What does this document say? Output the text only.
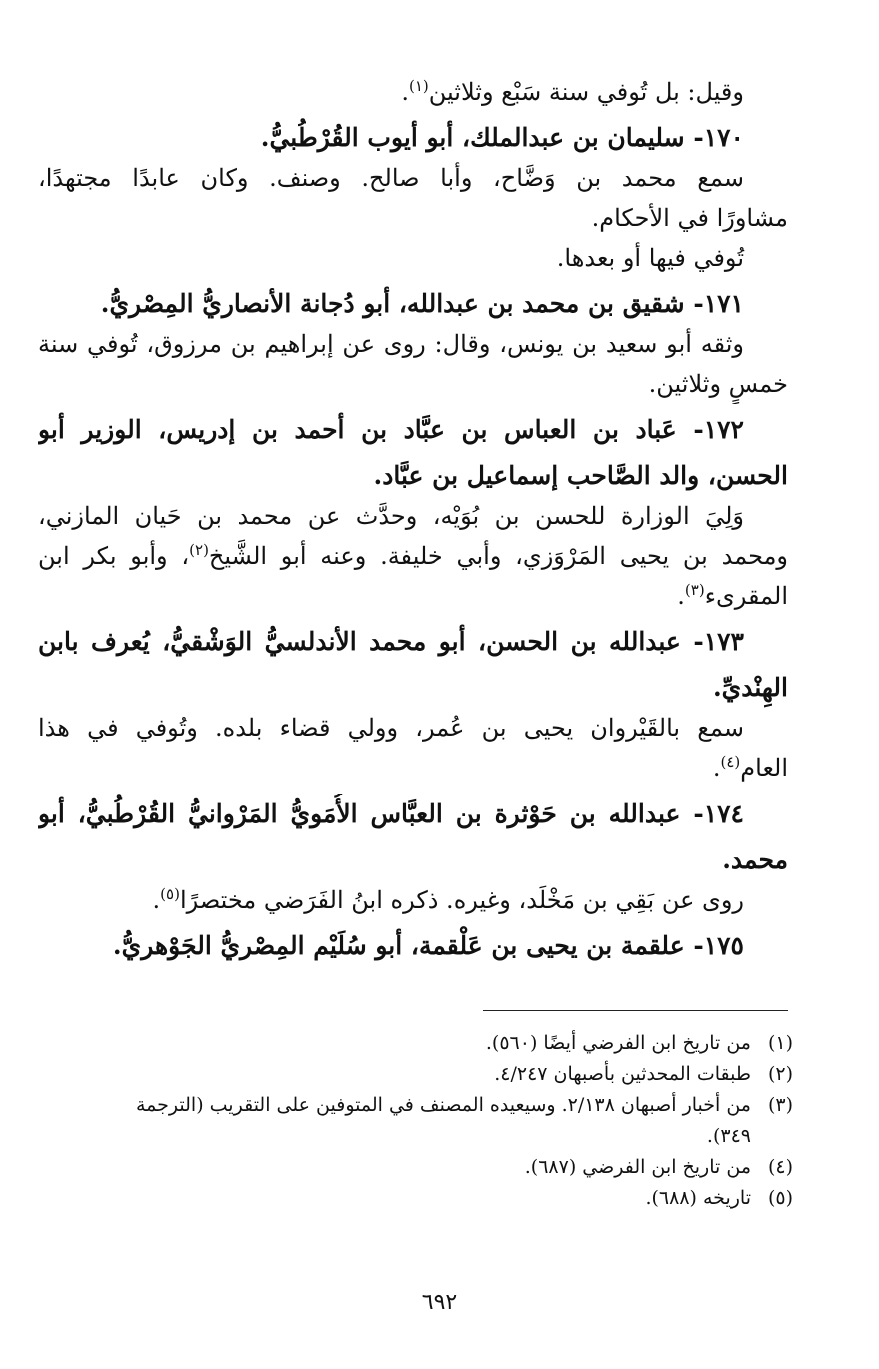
وقيل: بل تُوفي سنة سَبْع وثلاثين$^{(١)}$.

١٧٠- سليمان بن عبدالملك، أبو أيوب القُرْطُبيُّ.

سمع محمد بن وَضَّاح، وأبا صالح. وصنف. وكان عابدًا مجتهدًا،

مشاورًا في الأحكام.

تُوفي فيها أو بعدها.

١٧١- شقيق بن محمد بن عبدالله، أبو دُجانة الأنصاريُّ المِصْريُّ.

وثقه أبو سعيد بن يونس، وقال: روى عن إبراهيم بن مرزوق، تُوفي سنة

خمسٍ وثلاثين.

١٧٢- عَباد بن العباس بن عبَّاد بن أحمد بن إدريس، الوزير أبو

الحسن، والد الصَّاحب إسماعيل بن عبَّاد.

وَلِيَ الوزارة للحسن بن بُوَيْه، وحدَّث عن محمد بن حَيان المازني،

ومحمد بن يحيى المَرْوَزي، وأبي خليفة. وعنه أبو الشَّيخ$^{(٢)}$، وأبو بكر ابن

المقرىء$^{(٣)}$.

١٧٣- عبدالله بن الحسن، أبو محمد الأندلسيُّ الوَشْقيُّ، يُعرف بابن

الهِنْديِّ.

سمع بالقَيْروان يحيى بن عُمر، وولي قضاء بلده. وتُوفي في هذا

العام$^{(٤)}$.

١٧٤- عبدالله بن حَوْثرة بن العبَّاس الأُمَويُّ المَرْوانيُّ القُرْطُبيُّ، أبو

محمد.

روى عن بَقِي بن مَخْلَد، وغيره. ذكره ابنُ الفَرَضي مختصرًا$^{(٥)}$.

١٧٥- علقمة بن يحيى بن عَلْقمة، أبو سُلَيْم المِصْريُّ الجَوْهريُّ.

(١)من تاريخ ابن الفرضي أيضًا (٥٦٠).

(٢)طبقات المحدثين بأصبهان ٤/٢٤٧.

(٣)من أخبار أصبهان ٢/١٣٨. وسيعيده المصنف في المتوفين على التقريب (الترجمة

٣٤٩).

(٤)من تاريخ ابن الفرضي (٦٨٧).

(٥)تاريخه (٦٨٨).

٦٩٢
